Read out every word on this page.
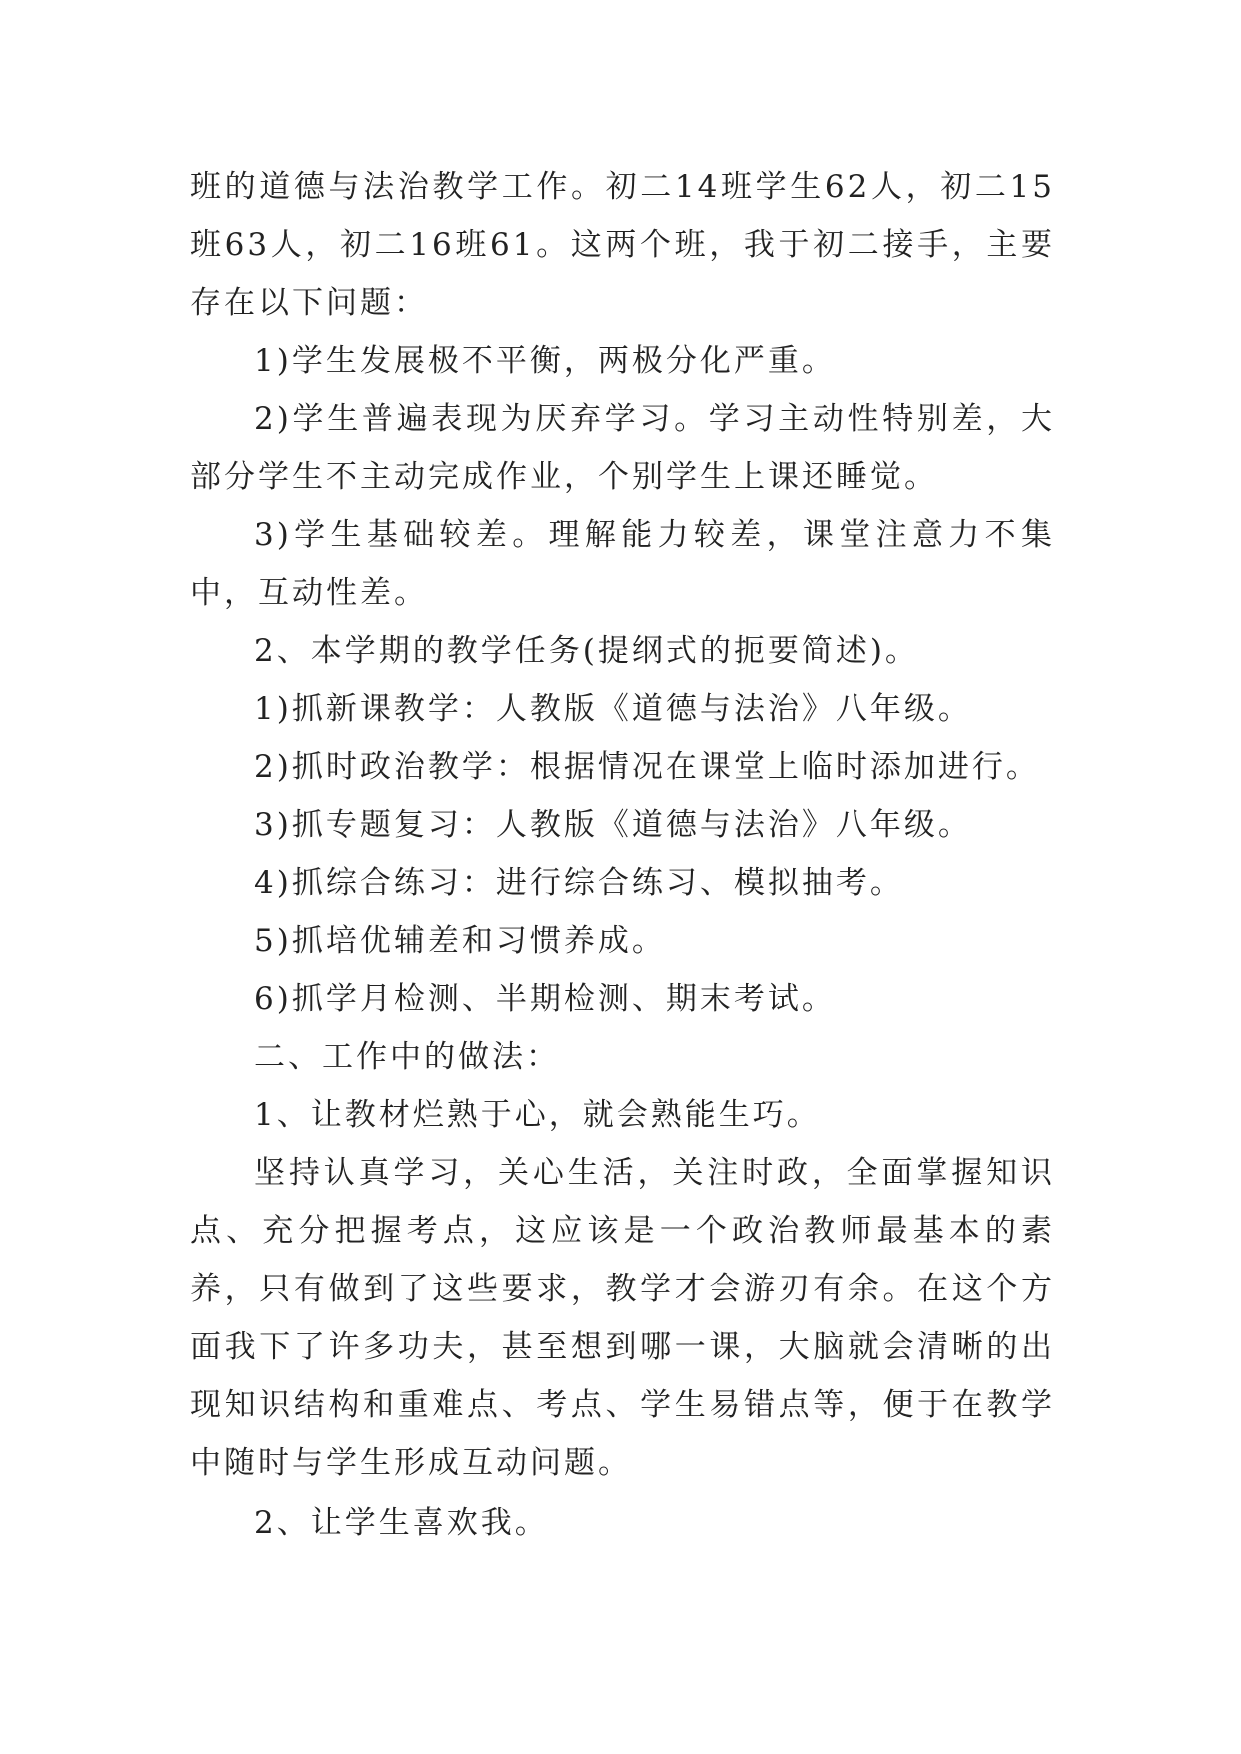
班的道德与法治教学工作。初二14班学生62人，初二15班63人，初二16班61。这两个班，我于初二接手，主要存在以下问题：

1)学生发展极不平衡，两极分化严重。

2)学生普遍表现为厌弃学习。学习主动性特别差，大部分学生不主动完成作业，个别学生上课还睡觉。

3)学生基础较差。理解能力较差，课堂注意力不集中，互动性差。

2、本学期的教学任务(提纲式的扼要简述)。

1)抓新课教学：人教版《道德与法治》八年级。

2)抓时政治教学：根据情况在课堂上临时添加进行。

3)抓专题复习：人教版《道德与法治》八年级。

4)抓综合练习：进行综合练习、模拟抽考。

5)抓培优辅差和习惯养成。

6)抓学月检测、半期检测、期末考试。

二、工作中的做法：

1、让教材烂熟于心，就会熟能生巧。

坚持认真学习，关心生活，关注时政，全面掌握知识点、充分把握考点，这应该是一个政治教师最基本的素养，只有做到了这些要求，教学才会游刃有余。在这个方面我下了许多功夫，甚至想到哪一课，大脑就会清晰的出现知识结构和重难点、考点、学生易错点等，便于在教学中随时与学生形成互动问题。

2、让学生喜欢我。
